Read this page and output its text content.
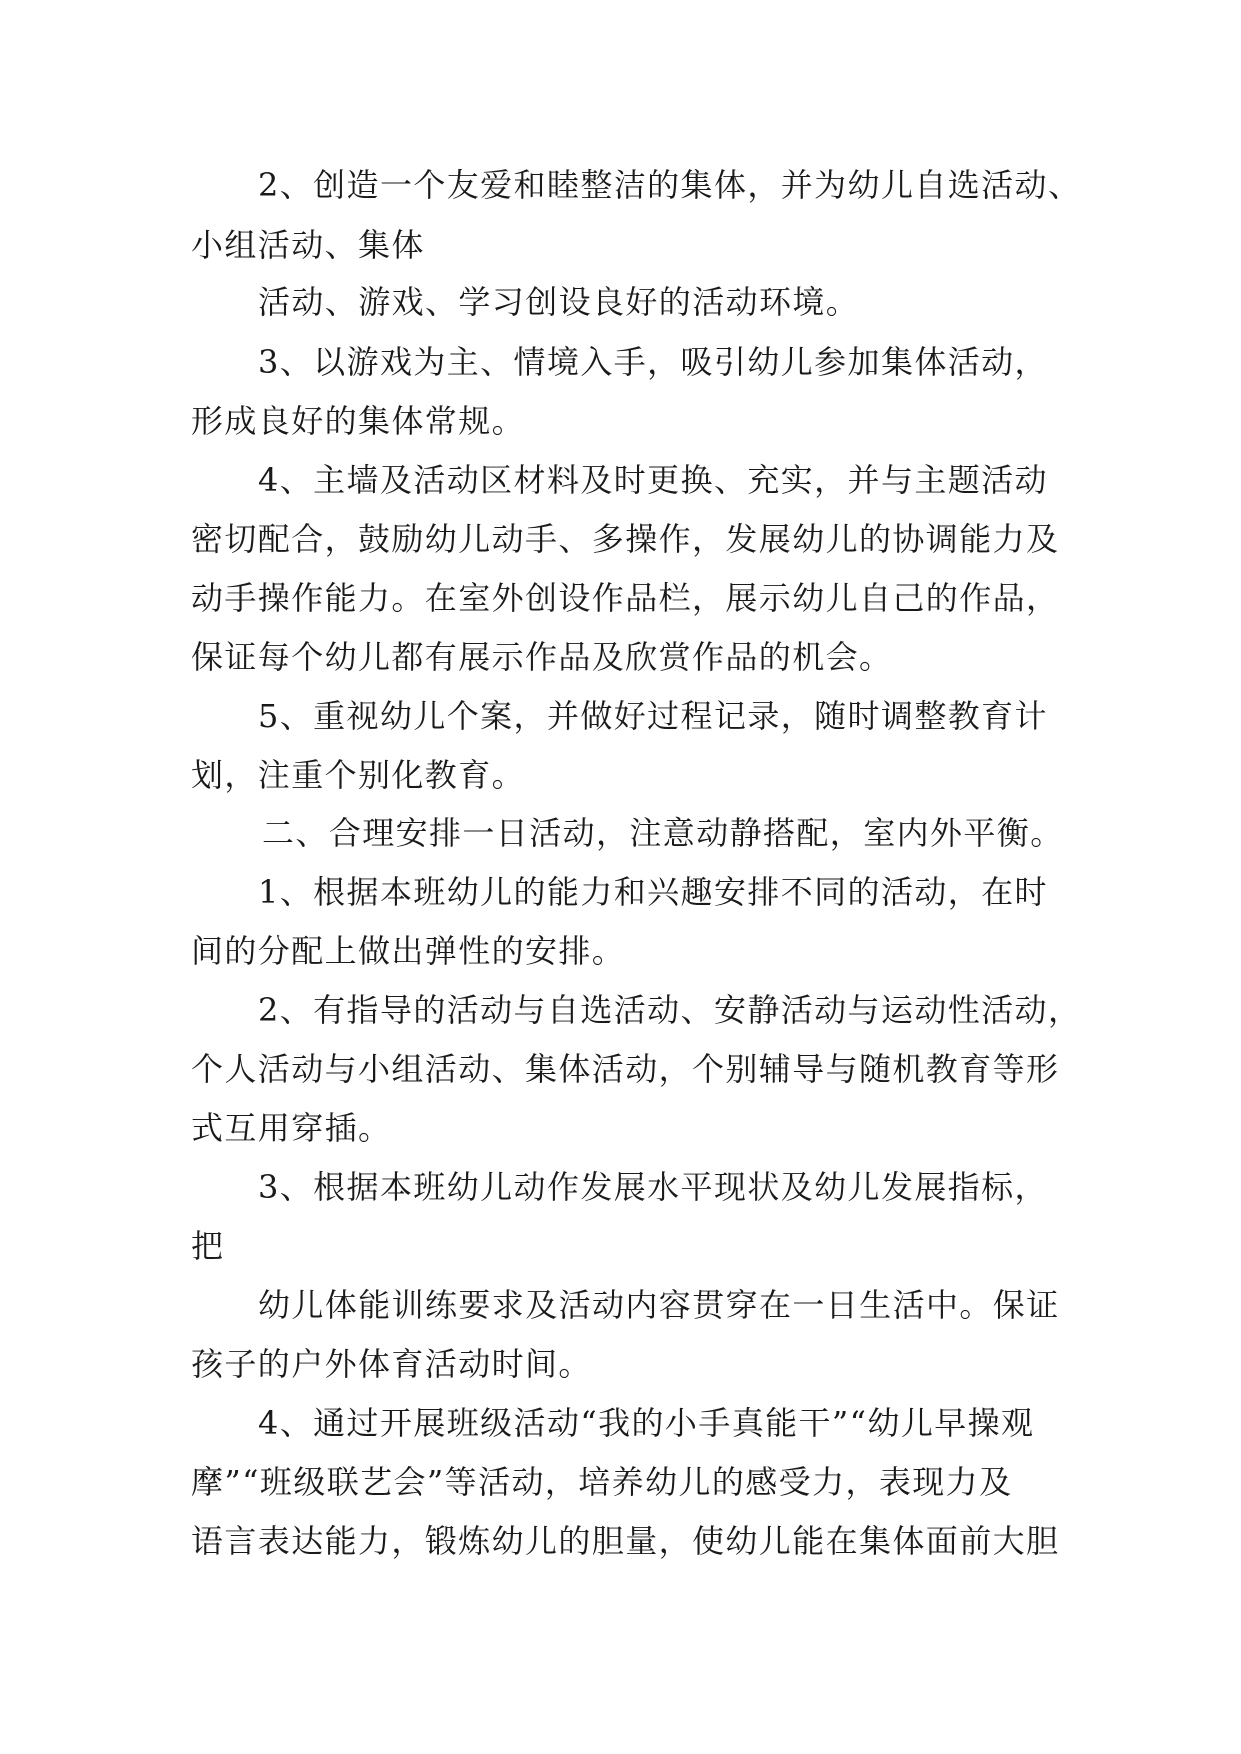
2、创造一个友爱和睦整洁的集体，并为幼儿自选活动、
小组活动、集体
活动、游戏、学习创设良好的活动环境。
3、以游戏为主、情境入手，吸引幼儿参加集体活动，
形成良好的集体常规。
4、主墙及活动区材料及时更换、充实，并与主题活动
密切配合，鼓励幼儿动手、多操作，发展幼儿的协调能力及
动手操作能力。在室外创设作品栏，展示幼儿自己的作品，
保证每个幼儿都有展示作品及欣赏作品的机会。
5、重视幼儿个案，并做好过程记录，随时调整教育计
划，注重个别化教育。
二、合理安排一日活动，注意动静搭配，室内外平衡。
1、根据本班幼儿的能力和兴趣安排不同的活动，在时
间的分配上做出弹性的安排。
2、有指导的活动与自选活动、安静活动与运动性活动，
个人活动与小组活动、集体活动，个别辅导与随机教育等形
式互用穿插。
3、根据本班幼儿动作发展水平现状及幼儿发展指标，
把
幼儿体能训练要求及活动内容贯穿在一日生活中。保证
孩子的户外体育活动时间。
4、通过开展班级活动“我的小手真能干”“幼儿早操观
摩”“班级联艺会”等活动，培养幼儿的感受力，表现力及
语言表达能力，锻炼幼儿的胆量，使幼儿能在集体面前大胆
